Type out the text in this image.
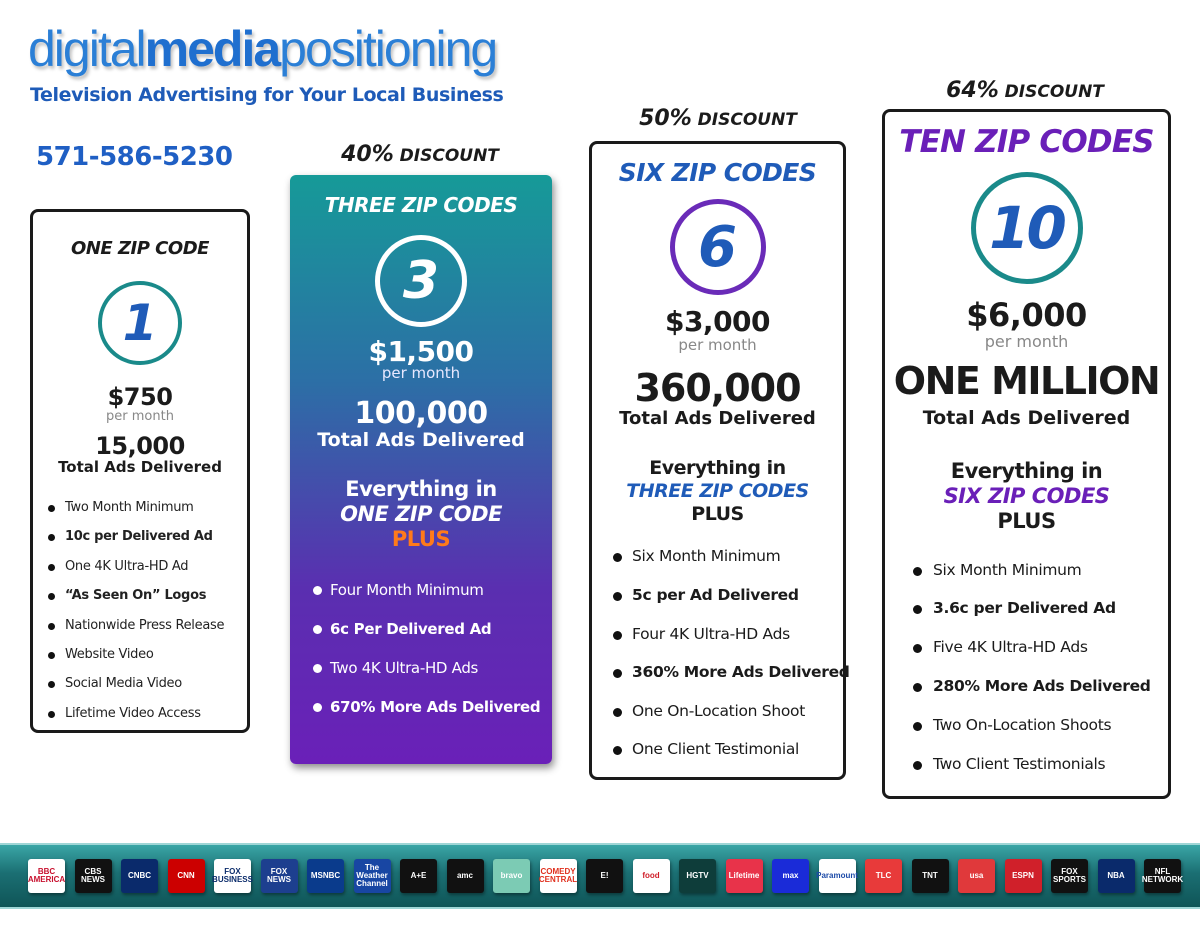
digitalmediapositioning
Television Advertising for Your Local Business
571-586-5230	40% DISCOUNT
50% DISCOUNT
64% DISCOUNT
ONE ZIP CODE
1
$750
per month
15,000
Total Ads Delivered
Two Month Minimum
10c per Delivered Ad
One 4K Ultra-HD Ad
“As Seen On” Logos
Nationwide Press Release
Website Video
Social Media Video
Lifetime Video Access
THREE ZIP CODES
3
$1,500
per month
100,000
Total Ads Delivered
Everything in
ONE ZIP CODE
PLUS
Four Month Minimum
6c Per Delivered Ad
Two 4K Ultra-HD Ads
670% More Ads Delivered
SIX ZIP CODES
6
$3,000
per month
360,000
Total Ads Delivered
Everything in
THREE ZIP CODES
PLUS
Six Month Minimum
5c per Ad Delivered
Four 4K Ultra-HD Ads
360% More Ads Delivered
One On-Location Shoot
One Client Testimonial
TEN ZIP CODES
10
$6,000
per month
ONE MILLION
Total Ads Delivered
Everything in
SIX ZIP CODES
PLUS
Six Month Minimum
3.6c per Delivered Ad
Five 4K Ultra-HD Ads
280% More Ads Delivered
Two On-Location Shoots
Two Client Testimonials
BBC AMERICA
CBS NEWS	CNBC	CNN	FOX BUSINESS
FOX NEWS	MSNBC
The Weather Channel
A+E	amc	bravo	COMEDY CENTRAL	E!	food	HGTV	Lifetime	max	Paramount	TLC	TNT	usa	ESPN	FOX SPORTS	NBA	NFL NETWORK
